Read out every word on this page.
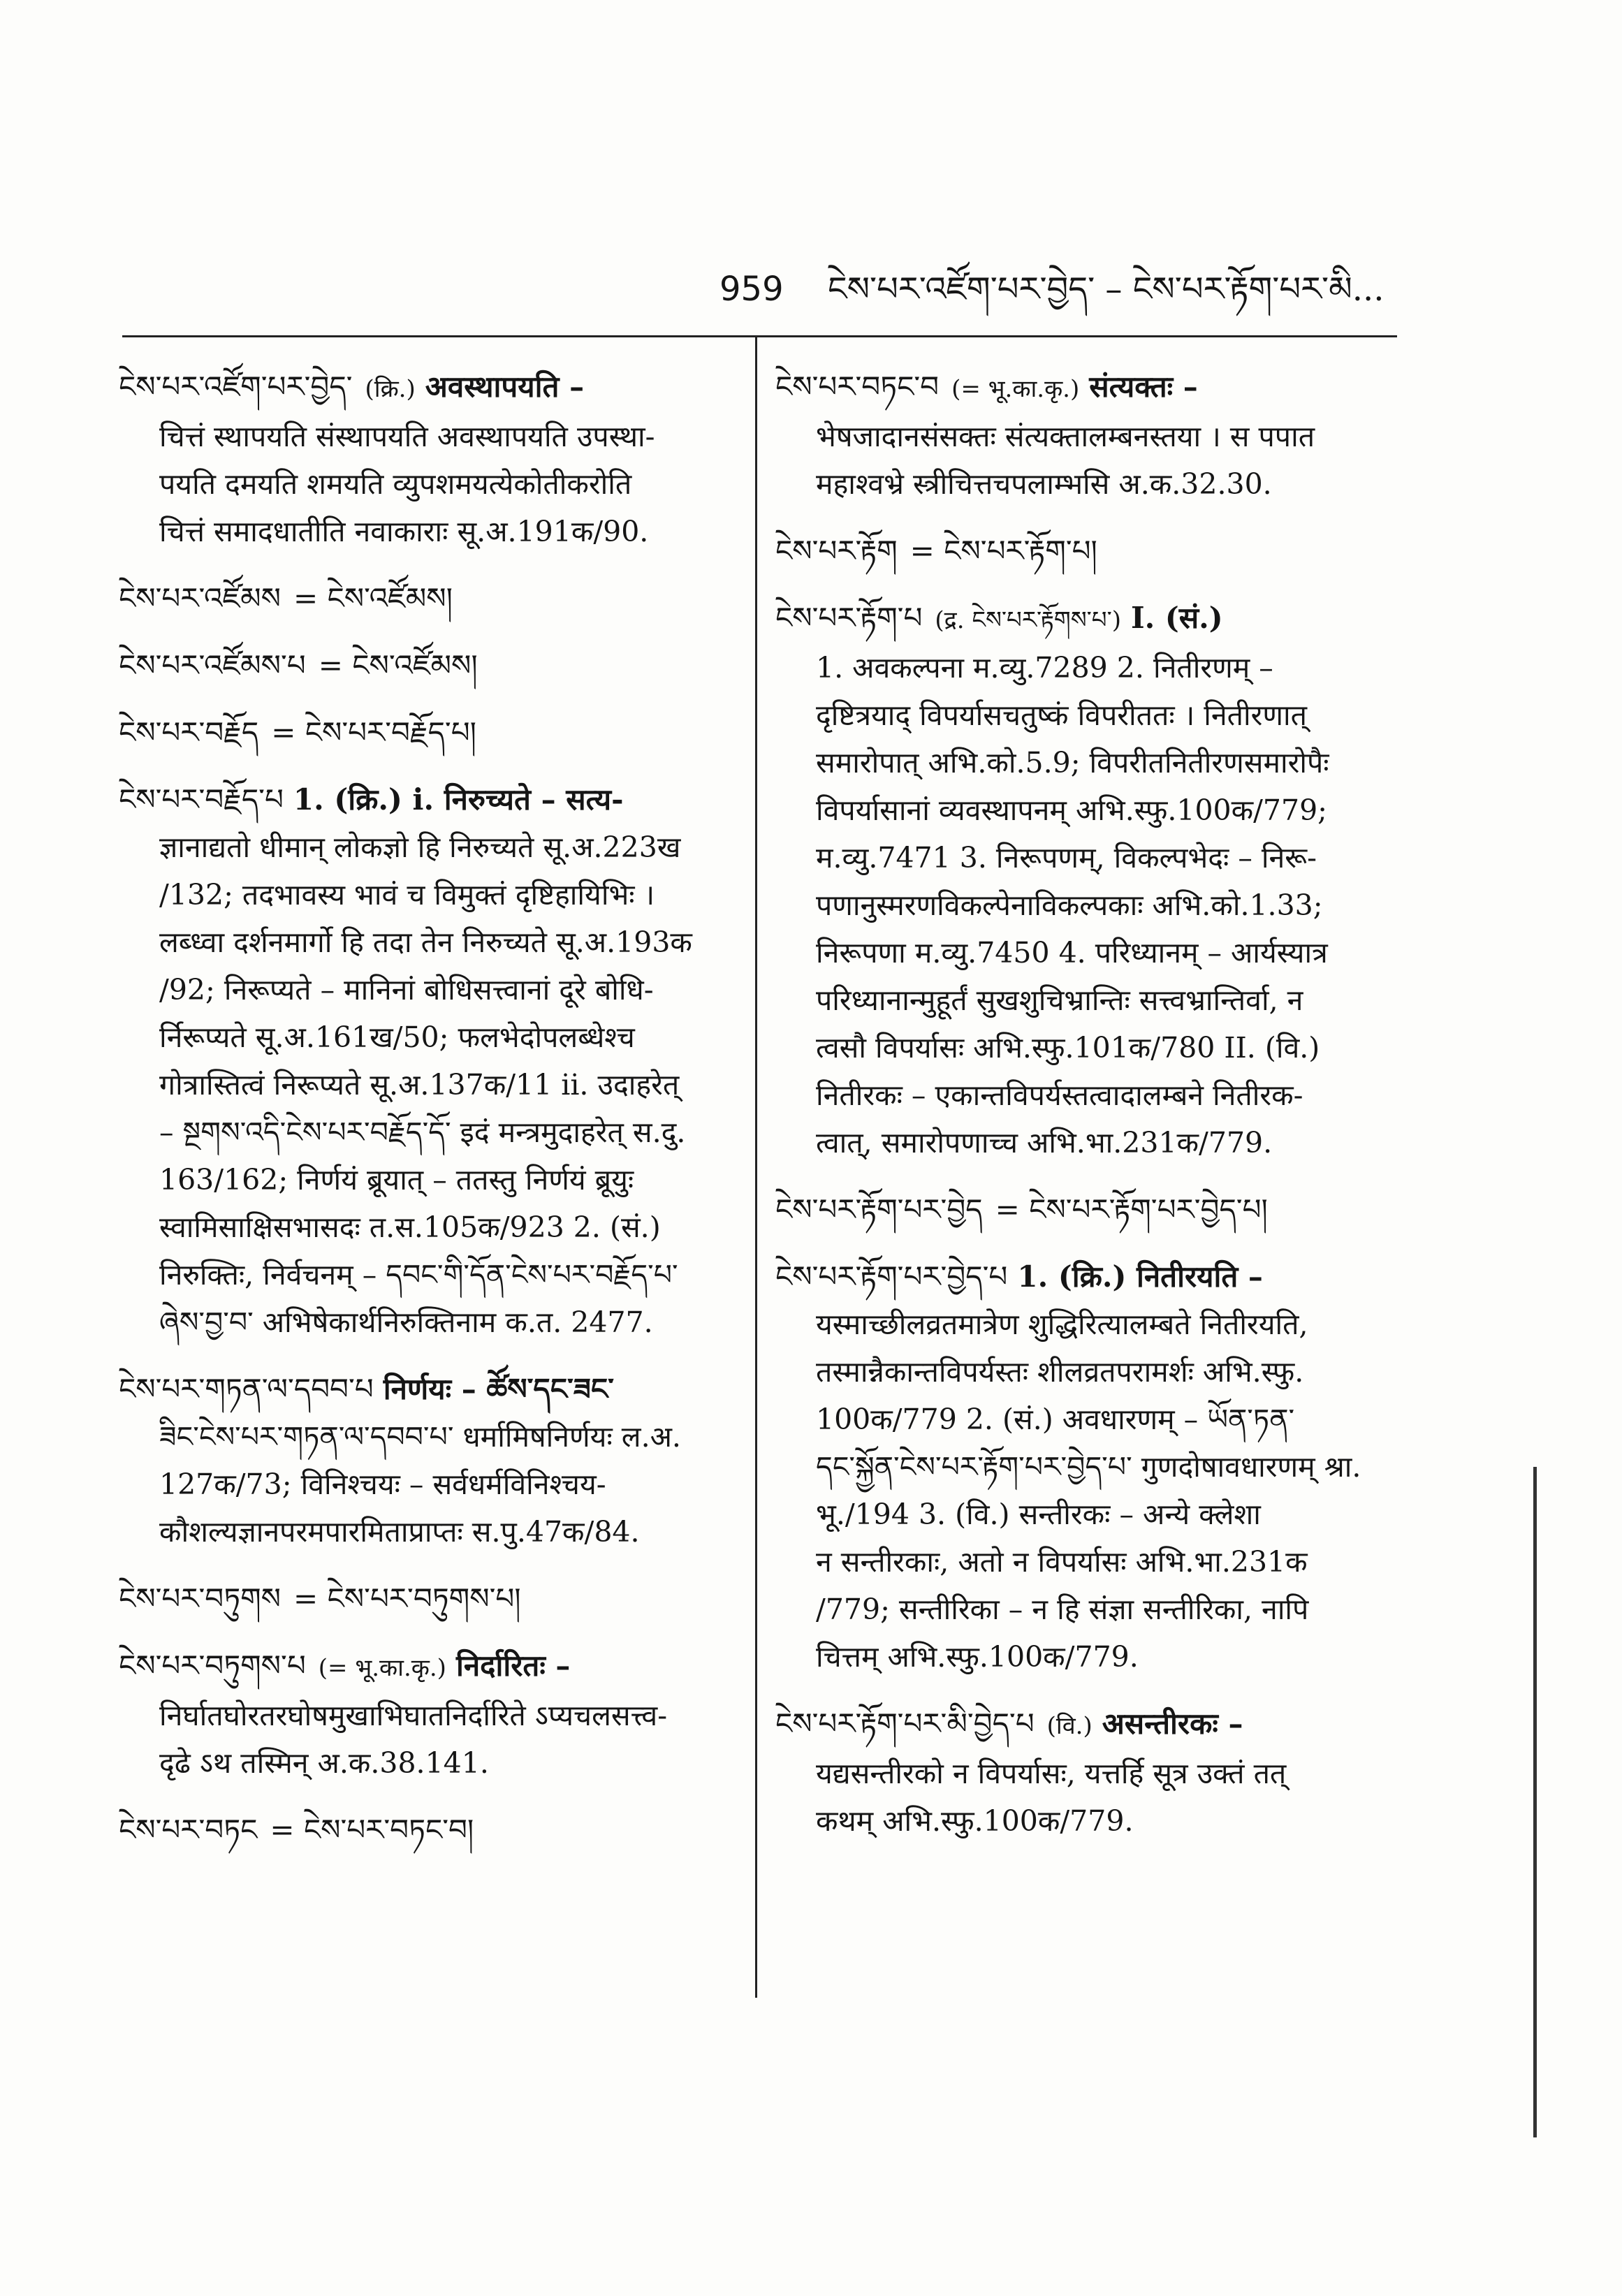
959 ངེས་པར་འཛོག་པར་བྱེད་ – ངེས་པར་རྟོག་པར་མི...
ངེས་པར་འཛོག་པར་བྱེད་ (क्रि.) अवस्थापयति –
चित्तं स्थापयति संस्थापयति अवस्थापयति उपस्था-
पयति दमयति शमयति व्युपशमयत्येकोतीकरोति
चित्तं समादधातीति नवाकाराः सू.अ.191क/90.
ངེས་པར་འཛོམས = ངེས་འཛོམས།
ངེས་པར་འཛོམས་པ = ངེས་འཛོམས།
ངེས་པར་བརྗོད = ངེས་པར་བརྗོད་པ།
ངེས་པར་བརྗོད་པ 1. (क्रि.) i. निरुच्यते – सत्य-
ज्ञानाद्यतो धीमान् लोकज्ञो हि निरुच्यते सू.अ.223ख
/132; तदभावस्य भावं च विमुक्तं दृष्टिहायिभिः ।
लब्ध्वा दर्शनमार्गो हि तदा तेन निरुच्यते सू.अ.193क
/92; निरूप्यते – मानिनां बोधिसत्त्वानां दूरे बोधि-
र्निरूप्यते सू.अ.161ख/50; फलभेदोपलब्धेश्च
गोत्रास्तित्वं निरूप्यते सू.अ.137क/11 ii. उदाहरेत्
– སྔགས་འདི་ངེས་པར་བརྗོད་དོ་ इदं मन्त्रमुदाहरेत् स.दु.
163/162; निर्णयं ब्रूयात् – ततस्तु निर्णयं ब्रूयुः
स्वामिसाक्षिसभासदः त.स.105क/923 2. (सं.)
निरुक्तिः, निर्वचनम् – དབང་གི་དོན་ངེས་པར་བརྗོད་པ་
ཞེས་བྱ་བ་ अभिषेकार्थनिरुक्तिनाम क.त. 2477.
ངེས་པར་གཏན་ལ་དབབ་པ निर्णयः – ཚོས་དང་ཟང་
ཟིང་ངེས་པར་གཏན་ལ་དབབ་པ་ धर्मामिषनिर्णयः ल.अ.
127क/73; विनिश्चयः – सर्वधर्मविनिश्चय-
कौशल्यज्ञानपरमपारमिताप्राप्तः स.पु.47क/84.
ངེས་པར་བཏུགས = ངེས་པར་བཏུགས་པ།
ངེས་པར་བཏུགས་པ (= भू.का.कृ.) निर्दारितः –
निर्घातघोरतरघोषमुखाभिघातनिर्दारिते ऽप्यचलसत्त्व-
दृढे ऽथ तस्मिन् अ.क.38.141.
ངེས་པར་བཏང = ངེས་པར་བཏང་བ།
ངེས་པར་བཏང་བ (= भू.का.कृ.) संत्यक्तः –
भेषजादानसंसक्तः संत्यक्तालम्बनस्तया । स पपात
महाश्वभ्रे स्त्रीचित्तचपलाम्भसि अ.क.32.30.
ངེས་པར་རྟོག = ངེས་པར་རྟོག་པ།
ངེས་པར་རྟོག་པ (द्र. ངེས་པར་རྟོགས་པ་) I. (सं.)
1. अवकल्पना म.व्यु.7289 2. नितीरणम् –
दृष्टित्रयाद् विपर्यासचतुष्कं विपरीततः । नितीरणात्
समारोपात् अभि.को.5.9; विपरीतनितीरणसमारोपैः
विपर्यासानां व्यवस्थापनम् अभि.स्फु.100क/779;
म.व्यु.7471 3. निरूपणम्, विकल्पभेदः – निरू-
पणानुस्मरणविकल्पेनाविकल्पकाः अभि.को.1.33;
निरूपणा म.व्यु.7450 4. परिध्यानम् – आर्यस्यात्र
परिध्यानान्मुहूर्तं सुखशुचिभ्रान्तिः सत्त्वभ्रान्तिर्वा, न
त्वसौ विपर्यासः अभि.स्फु.101क/780 II. (वि.)
नितीरकः – एकान्तविपर्यस्तत्वादालम्बने नितीरक-
त्वात्, समारोपणाच्च अभि.भा.231क/779.
ངེས་པར་རྟོག་པར་བྱེད = ངེས་པར་རྟོག་པར་བྱེད་པ།
ངེས་པར་རྟོག་པར་བྱེད་པ 1. (क्रि.) नितीरयति –
यस्माच्छीलव्रतमात्रेण शुद्धिरित्यालम्बते नितीरयति,
तस्मान्नैकान्तविपर्यस्तः शीलव्रतपरामर्शः अभि.स्फु.
100क/779 2. (सं.) अवधारणम् – ཡོན་ཏན་
དང་སྐྱོན་ངེས་པར་རྟོག་པར་བྱེད་པ་ गुणदोषावधारणम् श्रा.
भू./194 3. (वि.) सन्तीरकः – अन्ये क्लेशा
न सन्तीरकाः, अतो न विपर्यासः अभि.भा.231क
/779; सन्तीरिका – न हि संज्ञा सन्तीरिका, नापि
चित्तम् अभि.स्फु.100क/779.
ངེས་པར་རྟོག་པར་མི་བྱེད་པ (वि.) असन्तीरकः –
यद्यसन्तीरको न विपर्यासः, यत्तर्हि सूत्र उक्तं तत्
कथम् अभि.स्फु.100क/779.
